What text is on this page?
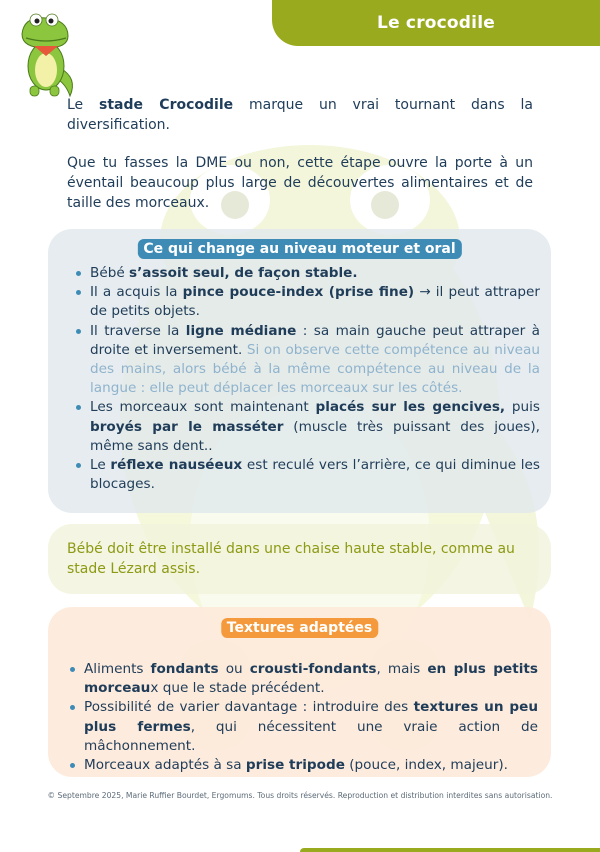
Le crocodile

Le stade Crocodile marque un vrai tournant dans la diversification.

Que tu fasses la DME ou non, cette étape ouvre la porte à un éventail beaucoup plus large de découvertes alimentaires et de taille des morceaux.

Ce qui change au niveau moteur et oral
Bébé s’assoit seul, de façon stable.
Il a acquis la pince pouce-index (prise fine) → il peut attraper de petits objets.
Il traverse la ligne médiane : sa main gauche peut attraper à droite et inversement. Si on observe cette compétence au niveau des mains, alors bébé à la même compétence au niveau de la langue : elle peut déplacer les morceaux sur les côtés.
Les morceaux sont maintenant placés sur les gencives, puis broyés par le masséter (muscle très puissant des joues), même sans dent..
Le réflexe nauséeux est reculé vers l’arrière, ce qui diminue les blocages.

Bébé doit être installé dans une chaise haute stable, comme au stade Lézard assis.

Textures adaptées
Aliments fondants ou crousti-fondants, mais en plus petits morceaux que le stade précédent.
Possibilité de varier davantage : introduire des textures un peu plus fermes, qui nécessitent une vraie action de mâchonnement.
Morceaux adaptés à sa prise tripode (pouce, index, majeur).
© Septembre 2025, Marie Ruffier Bourdet, Ergomums. Tous droits réservés. Reproduction et distribution interdites sans autorisation.
